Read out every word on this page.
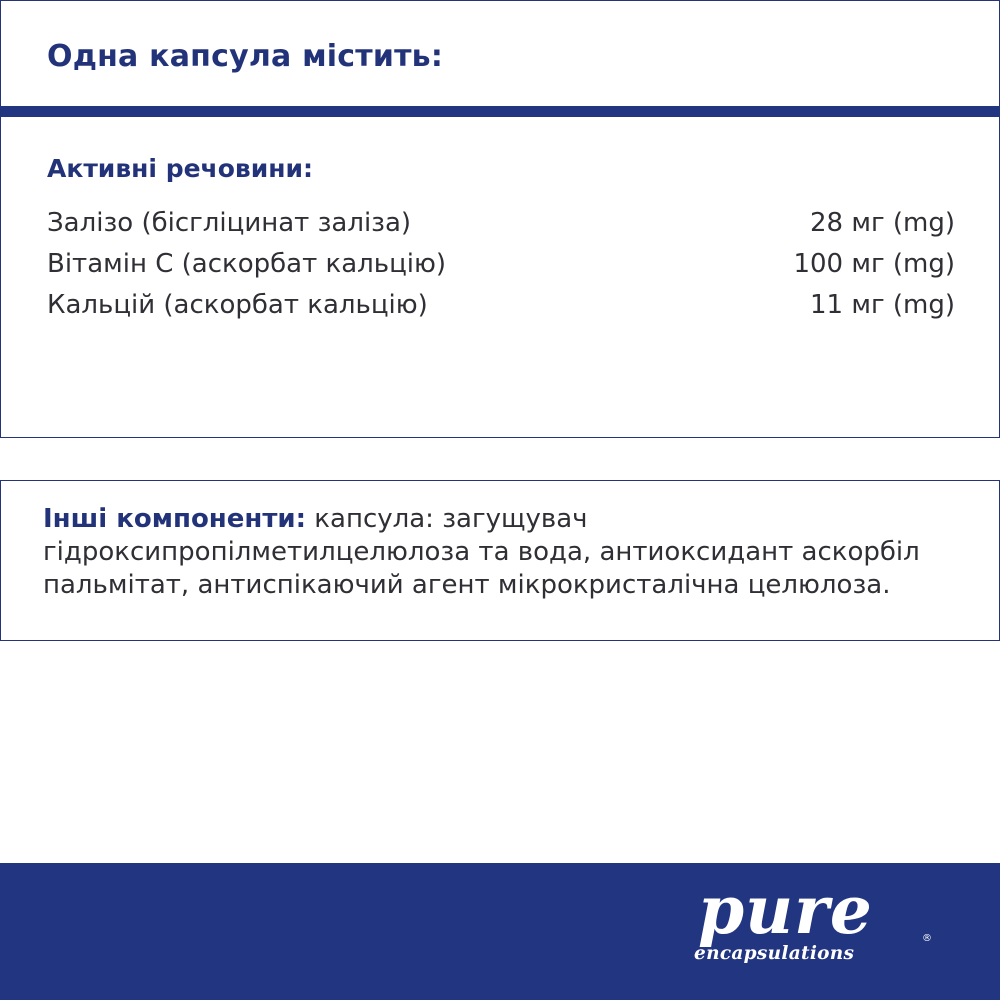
Одна капсула містить:
Активні речовини:
Залізо (бісгліцинат заліза)	28 мг (mg)
Вітамін С (аскорбат кальцію)	100 мг (mg)
Кальцій (аскорбат кальцію)	11 мг (mg)
Інші компоненти: капсула: загущувач гідроксипропілметилцелюлоза та вода, антиоксидант аскорбіл пальмітат, антиспікаючий агент мікрокристалічна целюлоза.
pure
encapsulations
®
